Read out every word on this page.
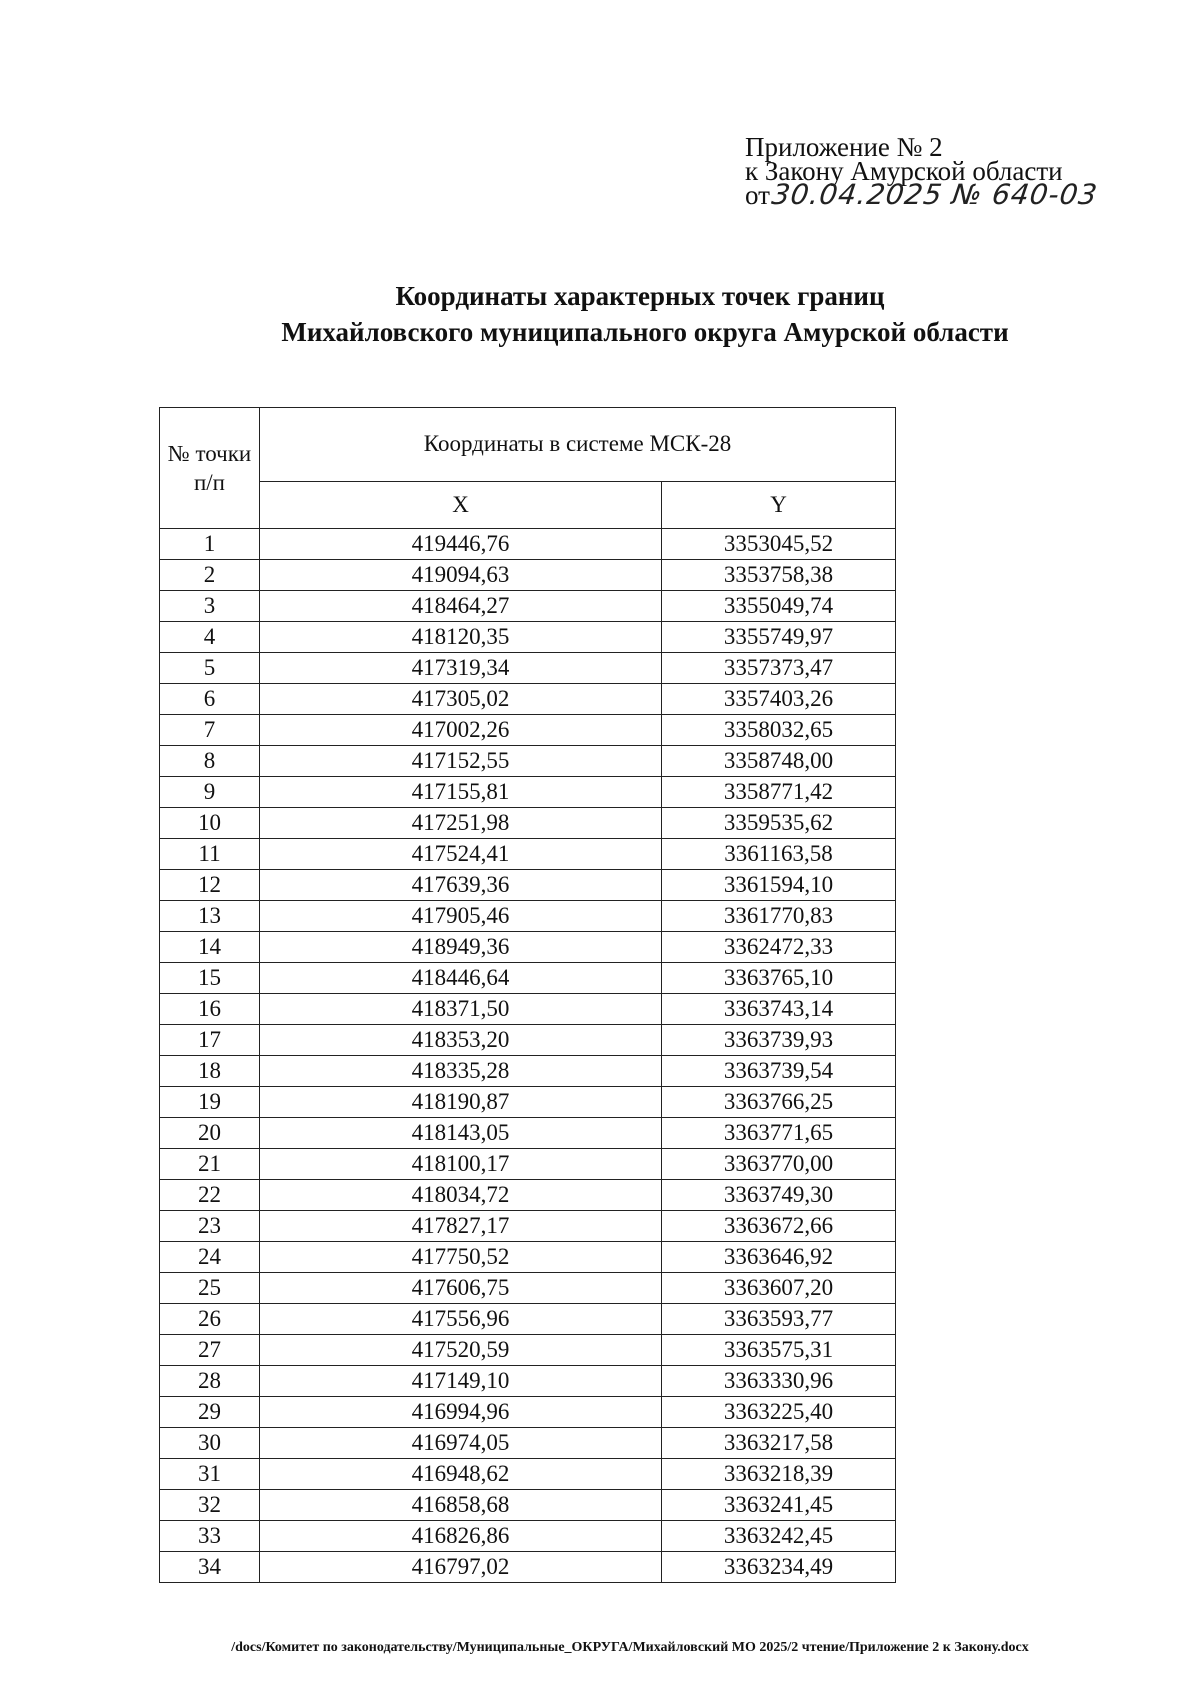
Приложение № 2
к Закону Амурской области
от30.04.2025 № 640-03
Координаты характерных точек границ
Михайловского муниципального округа Амурской области
№ точки п/п	Координаты в системе МСК-28	
	X	Y
1	419446,76	3353045,52
2	419094,63	3353758,38
3	418464,27	3355049,74
4	418120,35	3355749,97
5	417319,34	3357373,47
6	417305,02	3357403,26
7	417002,26	3358032,65
8	417152,55	3358748,00
9	417155,81	3358771,42
10	417251,98	3359535,62
11	417524,41	3361163,58
12	417639,36	3361594,10
13	417905,46	3361770,83
14	418949,36	3362472,33
15	418446,64	3363765,10
16	418371,50	3363743,14
17	418353,20	3363739,93
18	418335,28	3363739,54
19	418190,87	3363766,25
20	418143,05	3363771,65
21	418100,17	3363770,00
22	418034,72	3363749,30
23	417827,17	3363672,66
24	417750,52	3363646,92
25	417606,75	3363607,20
26	417556,96	3363593,77
27	417520,59	3363575,31
28	417149,10	3363330,96
29	416994,96	3363225,40
30	416974,05	3363217,58
31	416948,62	3363218,39
32	416858,68	3363241,45
33	416826,86	3363242,45
34	416797,02	3363234,49
/docs/Комитет по законодательству/Муниципальные_ОКРУГА/Михайловский МО 2025/2 чтение/Приложение 2 к Закону.docx
